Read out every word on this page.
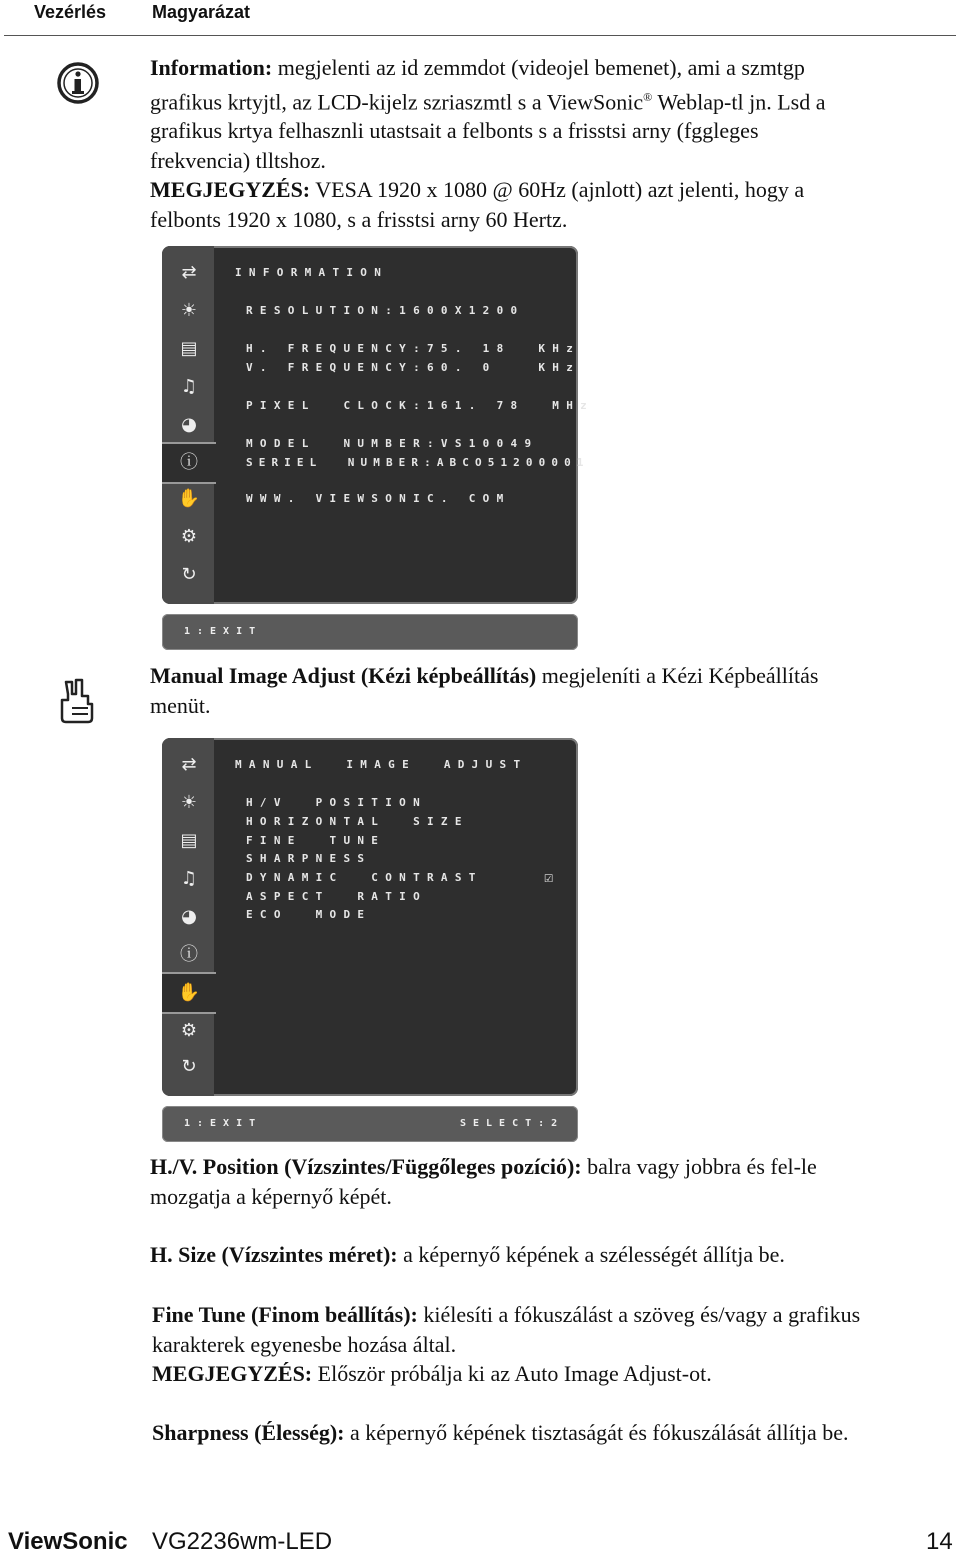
Vezérlés	Magyarázat
Information: megjelenti az id zemmdot (videojel bemenet), ami a szmtgp
grafikus krtyjtl, az LCD-kijelz szriaszmtl s a ViewSonic® Weblap-tl jn. Lsd a
grafikus krtya felhasznli utastsait a felbonts s a frisstsi arny (fggleges
frekvencia) tlltshoz.
MEGJEGYZÉS: VESA 1920 x 1080 @ 60Hz (ajnlott) azt jelenti, hogy a
felbonts 1920 x 1080, s a frisstsi arny 60 Hertz.
⇄
☀
▤
♫
◕
ⓘ
✋
⚙
↻
INFORMATION
RESOLUTION:1600X1200
H. FREQUENCY:75. 18  KHz
V. FREQUENCY:60. 0   KHz
PIXEL  CLOCK:161. 78  MHz
MODEL  NUMBER:VS10049
SERIEL  NUMBER:ABCO51200001
WWW. VIEWSONIC. COM
1:EXIT
Manual Image Adjust (Kézi képbeállítás) megjeleníti a Kézi Képbeállítás
menüt.
⇄
☀
▤
♫
◕
ⓘ
✋
⚙
↻
MANUAL  IMAGE  ADJUST
H/V  POSITION
HORIZONTAL  SIZE
FINE  TUNE
SHARPNESS
DYNAMIC  CONTRAST
ASPECT  RATIO
ECO  MODE
☑
1:EXIT	SELECT:2
H./V. Position (Vízszintes/Függőleges pozíció): balra vagy jobbra és fel-le
mozgatja a képernyő képét.
H. Size (Vízszintes méret): a képernyő képének a szélességét állítja be.
Fine Tune (Finom beállítás): kiélesíti a fókuszálást a szöveg és/vagy a grafikus
karakterek egyenesbe hozása által.
MEGJEGYZÉS: Először próbálja ki az Auto Image Adjust-ot.
Sharpness (Élesség): a képernyő képének tisztaságát és fókuszálását állítja be.
ViewSonic VG2236wm-LED	14
